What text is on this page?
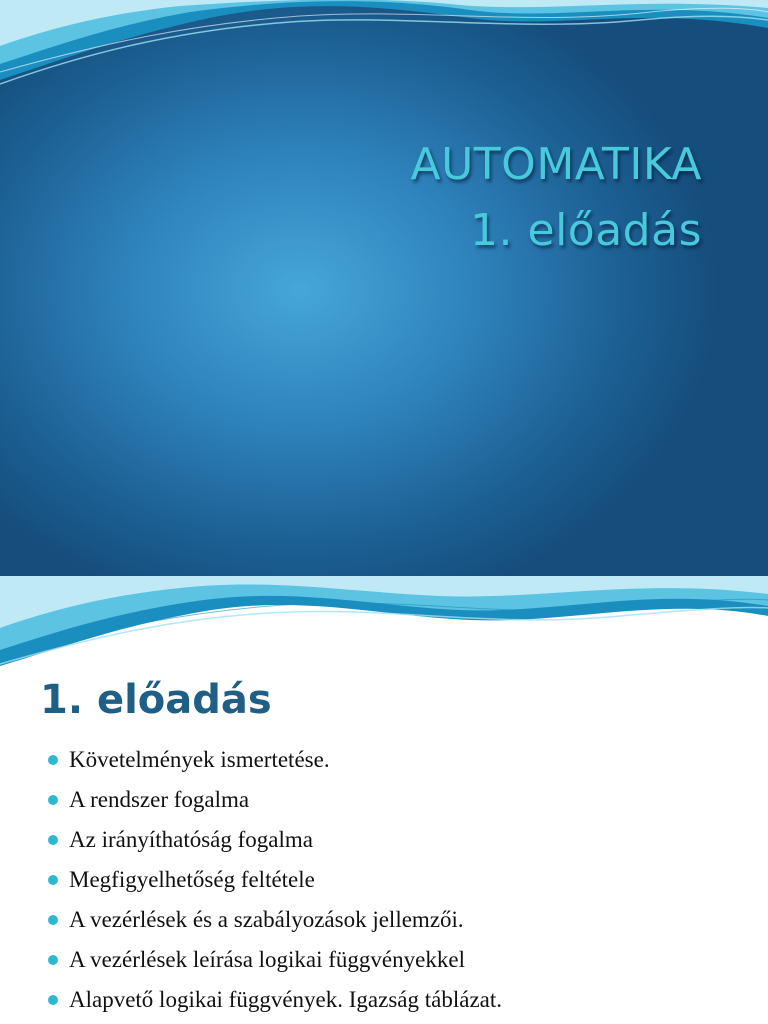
AUTOMATIKA
1. előadás
1. előadás
Követelmények ismertetése.
A rendszer fogalma
Az irányíthatóság fogalma
Megfigyelhetőség feltétele
A vezérlések és a szabályozások jellemzői.
A vezérlések leírása logikai függvényekkel
Alapvető logikai függvények. Igazság táblázat.
